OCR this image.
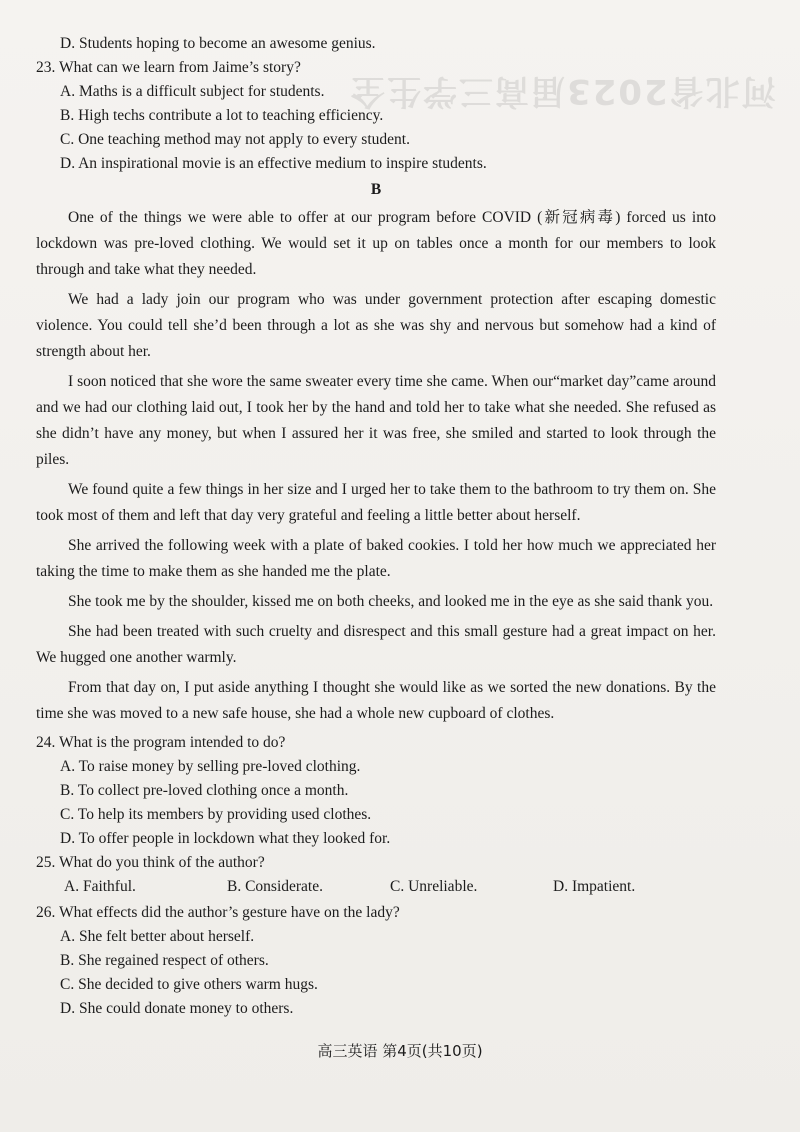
河北省2023届高三学生全
D. Students hoping to become an awesome genius.
23. What can we learn from Jaime’s story?
A. Maths is a difficult subject for students.
B. High techs contribute a lot to teaching efficiency.
C. One teaching method may not apply to every student.
D. An inspirational movie is an effective medium to inspire students.
B

One of the things we were able to offer at our program before COVID (新冠病毒) forced us into lockdown was pre-loved clothing. We would set it up on tables once a month for our members to look through and take what they needed.

We had a lady join our program who was under government protection after escaping domestic violence. You could tell she’d been through a lot as she was shy and nervous but somehow had a kind of strength about her.

I soon noticed that she wore the same sweater every time she came. When our“market day”came around and we had our clothing laid out, I took her by the hand and told her to take what she needed. She refused as she didn’t have any money, but when I assured her it was free, she smiled and started to look through the piles.

We found quite a few things in her size and I urged her to take them to the bathroom to try them on. She took most of them and left that day very grateful and feeling a little better about herself.

She arrived the following week with a plate of baked cookies. I told her how much we appreciated her taking the time to make them as she handed me the plate.

She took me by the shoulder, kissed me on both cheeks, and looked me in the eye as she said thank you.

She had been treated with such cruelty and disrespect and this small gesture had a great impact on her. We hugged one another warmly.

From that day on, I put aside anything I thought she would like as we sorted the new donations. By the time she was moved to a new safe house, she had a whole new cupboard of clothes.

24. What is the program intended to do?
A. To raise money by selling pre-loved clothing.
B. To collect pre-loved clothing once a month.
C. To help its members by providing used clothes.
D. To offer people in lockdown what they looked for.
25. What do you think of the author?
A. Faithful.	B. Considerate.	C. Unreliable.	D. Impatient.
26. What effects did the author’s gesture have on the lady?
A. She felt better about herself.
B. She regained respect of others.
C. She decided to give others warm hugs.
D. She could donate money to others.
高三英语 第4页(共10页)
